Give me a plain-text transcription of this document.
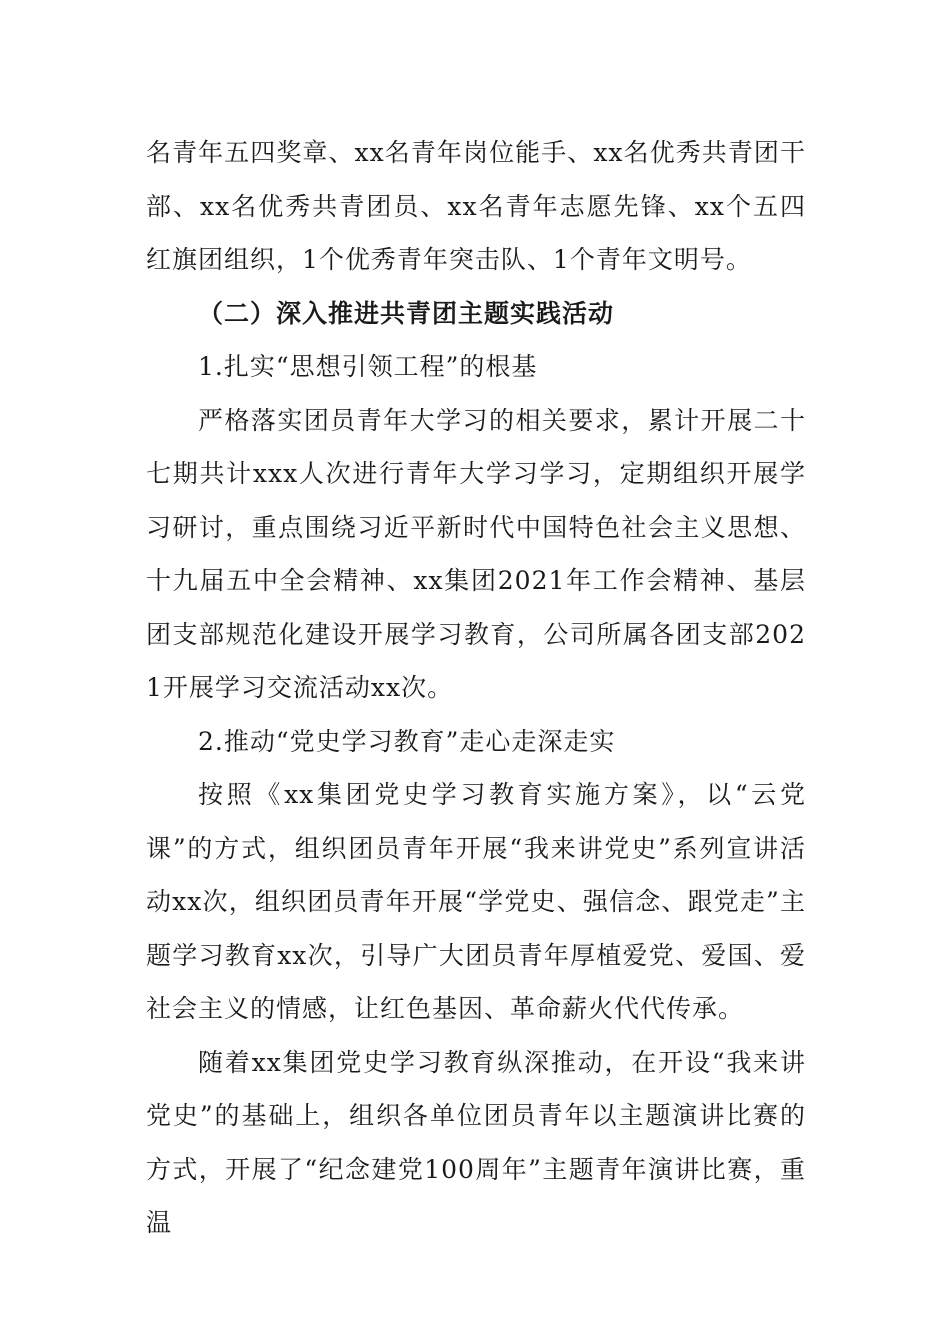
名青年五四奖章、xx名青年岗位能手、xx名优秀共青团干部、xx名优秀共青团员、xx名青年志愿先锋、xx个五四红旗团组织，1个优秀青年突击队、1个青年文明号。

（二）深入推进共青团主题实践活动

1.扎实“思想引领工程”的根基

严格落实团员青年大学习的相关要求，累计开展二十七期共计xxx人次进行青年大学习学习，定期组织开展学习研讨，重点围绕习近平新时代中国特色社会主义思想、十九届五中全会精神、xx集团2021年工作会精神、基层团支部规范化建设开展学习教育，公司所属各团支部2021开展学习交流活动xx次。

2.推动“党史学习教育”走心走深走实

按照《xx集团党史学习教育实施方案》，以“云党课”的方式，组织团员青年开展“我来讲党史”系列宣讲活动xx次，组织团员青年开展“学党史、强信念、跟党走”主题学习教育xx次，引导广大团员青年厚植爱党、爱国、爱社会主义的情感，让红色基因、革命薪火代代传承。

随着xx集团党史学习教育纵深推动，在开设“我来讲党史”的基础上，组织各单位团员青年以主题演讲比赛的方式，开展了“纪念建党100周年”主题青年演讲比赛，重温
